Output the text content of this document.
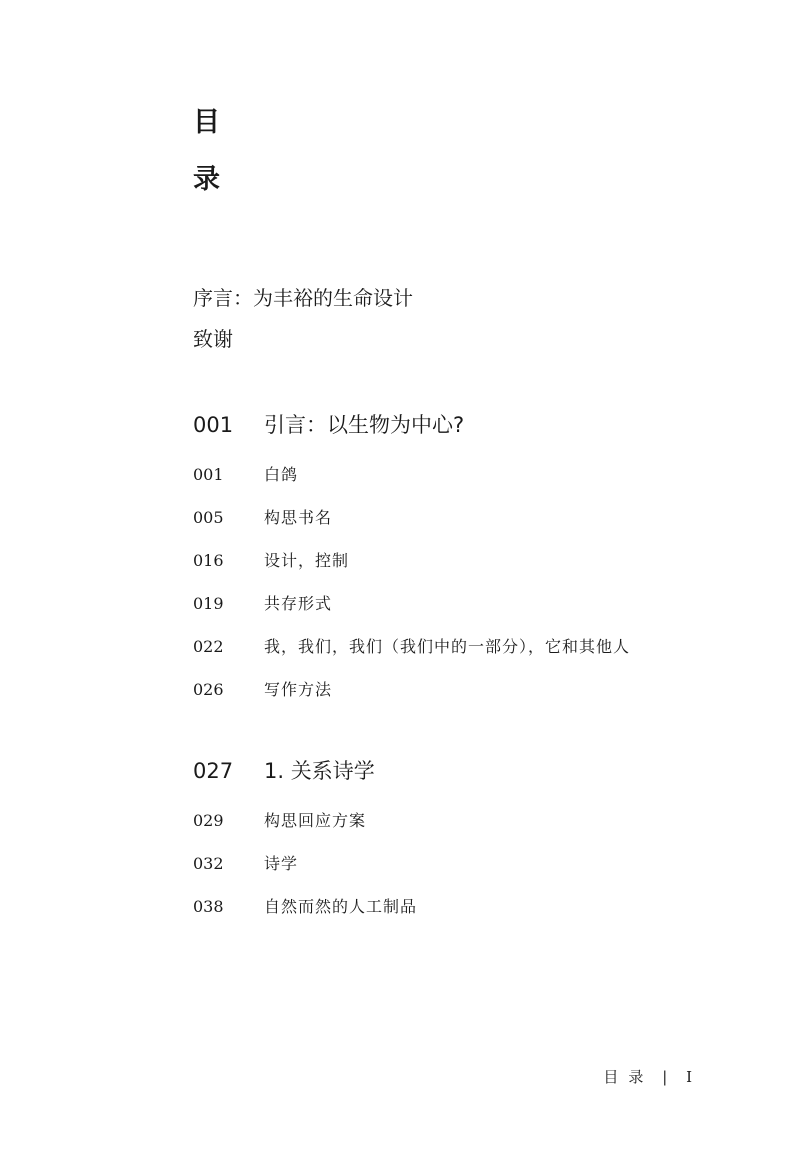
目
录
序言：为丰裕的生命设计
致谢
001 引言：以生物为中心?
001	白鸽
005	构思书名
016	设计，控制
019	共存形式
022	我，我们，我们（我们中的一部分），它和其他人
026	写作方法
027 1. 关系诗学
029	构思回应方案
032	诗学
038	自然而然的人工制品
目录 | I
